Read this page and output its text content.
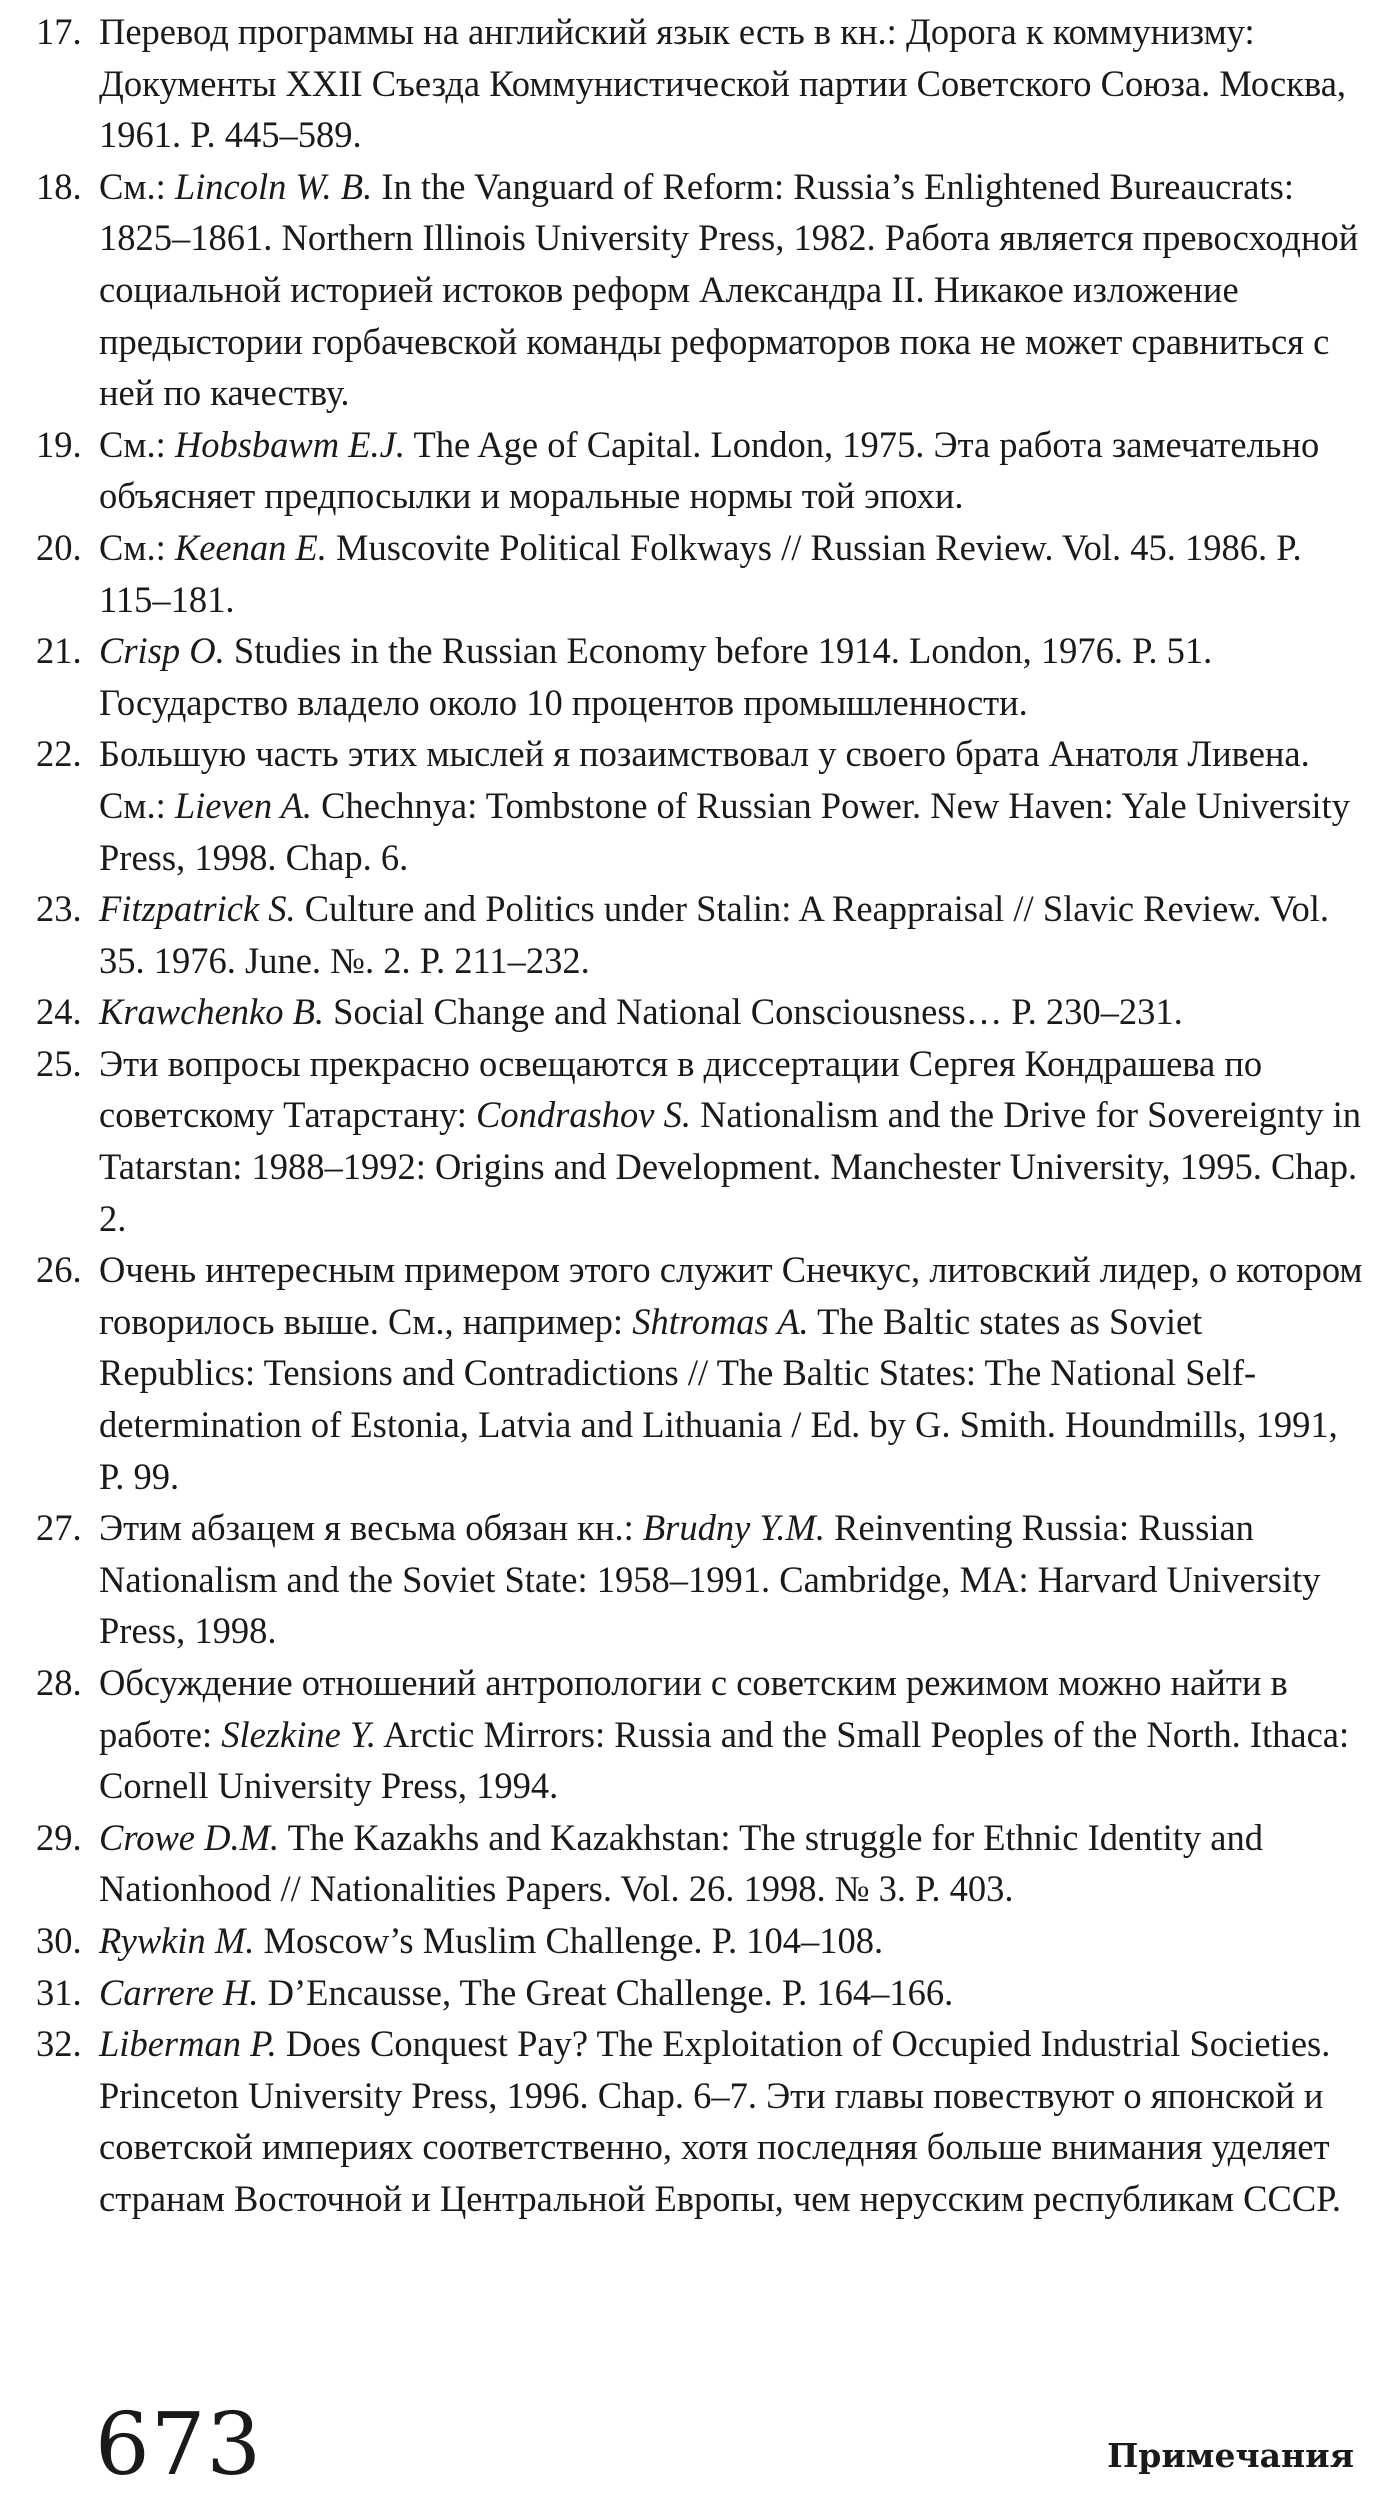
17. Перевод программы на английский язык есть в кн.: Дорога к коммунизму: Документы XXII Съезда Коммунистической партии Советского Союза. Москва, 1961. P. 445–589.
18. См.: Lincoln W. B. In the Vanguard of Reform: Russia’s Enlightened Bureaucrats: 1825–1861. Northern Illinois University Press, 1982. Работа является превосходной социальной историей истоков реформ Александра II. Никакое изложение предыстории горбачевской команды реформаторов пока не может сравниться с ней по качеству.
19. См.: Hobsbawm E.J. The Age of Capital. London, 1975. Эта работа замечательно объясняет предпосылки и моральные нормы той эпохи.
20. См.: Keenan E. Muscovite Political Folkways // Russian Review. Vol. 45. 1986. P. 115–181.
21. Crisp O. Studies in the Russian Economy before 1914. London, 1976. P. 51. Государство владело около 10 процентов промышленности.
22. Большую часть этих мыслей я позаимствовал у своего брата Анатоля Ливена. См.: Lieven A. Chechnya: Tombstone of Russian Power. New Haven: Yale University Press, 1998. Chap. 6.
23. Fitzpatrick S. Culture and Politics under Stalin: A Reappraisal // Slavic Review. Vol. 35. 1976. June. №. 2. P. 211–232.
24. Krawchenko B. Social Change and National Consciousness… P. 230–231.
25. Эти вопросы прекрасно освещаются в диссертации Сергея Кондрашева по советскому Татарстану: Condrashov S. Nationalism and the Drive for Sovereignty in Tatarstan: 1988–1992: Origins and Development. Manchester University, 1995. Chap. 2.
26. Очень интересным примером этого служит Снечкус, литовский лидер, о котором говорилось выше. См., например: Shtromas A. The Baltic states as Soviet Republics: Tensions and Contradictions // The Baltic States: The National Self-determination of Estonia, Latvia and Lithuania / Ed. by G. Smith. Houndmills, 1991, P. 99.
27. Этим абзацем я весьма обязан кн.: Brudny Y.M. Reinventing Russia: Russian Nationalism and the Soviet State: 1958–1991. Cambridge, MA: Harvard University Press, 1998.
28. Обсуждение отношений антропологии с советским режимом можно найти в работе: Slezkine Y. Arctic Mirrors: Russia and the Small Peoples of the North. Ithaca: Cornell University Press, 1994.
29. Crowe D.M. The Kazakhs and Kazakhstan: The struggle for Ethnic Identity and Nationhood // Nationalities Papers. Vol. 26. 1998. № 3. P. 403.
30. Rywkin M. Moscow’s Muslim Challenge. P. 104–108.
31. Carrere H. D’Encausse, The Great Challenge. P. 164–166.
32. Liberman P. Does Conquest Pay? The Exploitation of Occupied Industrial Societies. Princeton University Press, 1996. Chap. 6–7. Эти главы повествуют о японской и советской империях соответственно, хотя последняя больше внимания уделяет странам Восточной и Центральной Европы, чем нерусским республикам СССР.
673	Примечания
